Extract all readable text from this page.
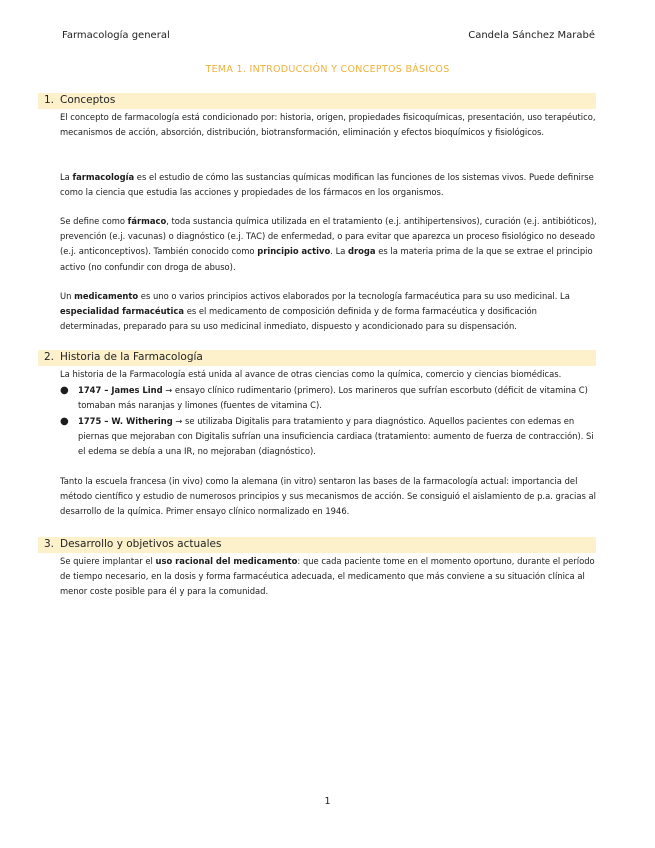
Farmacología general	Candela Sánchez Marabé
TEMA 1. INTRODUCCIÓN Y CONCEPTOS BÁSICOS
1. Conceptos
El concepto de farmacología está condicionado por: historia, origen, propiedades fisicoquímicas, presentación, uso terapéutico, mecanismos de acción, absorción, distribución, biotransformación, eliminación y efectos bioquímicos y fisiológicos.
La farmacología es el estudio de cómo las sustancias químicas modifican las funciones de los sistemas vivos. Puede definirse como la ciencia que estudia las acciones y propiedades de los fármacos en los organismos.
Se define como fármaco, toda sustancia química utilizada en el tratamiento (e.j. antihipertensivos), curación (e.j. antibióticos), prevención (e.j. vacunas) o diagnóstico (e.j. TAC) de enfermedad, o para evitar que aparezca un proceso fisiológico no deseado (e.j. anticonceptivos). También conocido como principio activo. La droga es la materia prima de la que se extrae el principio activo (no confundir con droga de abuso).
Un medicamento es uno o varios principios activos elaborados por la tecnología farmacéutica para su uso medicinal. La especialidad farmacéutica es el medicamento de composición definida y de forma farmacéutica y dosificación determinadas, preparado para su uso medicinal inmediato, dispuesto y acondicionado para su dispensación.
2. Historia de la Farmacología
La historia de la Farmacología está unida al avance de otras ciencias como la química, comercio y ciencias biomédicas.
● 1747 – James Lind → ensayo clínico rudimentario (primero). Los marineros que sufrían escorbuto (déficit de vitamina C) tomaban más naranjas y limones (fuentes de vitamina C).
● 1775 – W. Withering → se utilizaba Digitalis para tratamiento y para diagnóstico. Aquellos pacientes con edemas en piernas que mejoraban con Digitalis sufrían una insuficiencia cardiaca (tratamiento: aumento de fuerza de contracción). Si el edema se debía a una IR, no mejoraban (diagnóstico).
Tanto la escuela francesa (in vivo) como la alemana (in vitro) sentaron las bases de la farmacología actual: importancia del método científico y estudio de numerosos principios y sus mecanismos de acción. Se consiguió el aislamiento de p.a. gracias al desarrollo de la química. Primer ensayo clínico normalizado en 1946.
3. Desarrollo y objetivos actuales
Se quiere implantar el uso racional del medicamento: que cada paciente tome en el momento oportuno, durante el período de tiempo necesario, en la dosis y forma farmacéutica adecuada, el medicamento que más conviene a su situación clínica al menor coste posible para él y para la comunidad.
1
